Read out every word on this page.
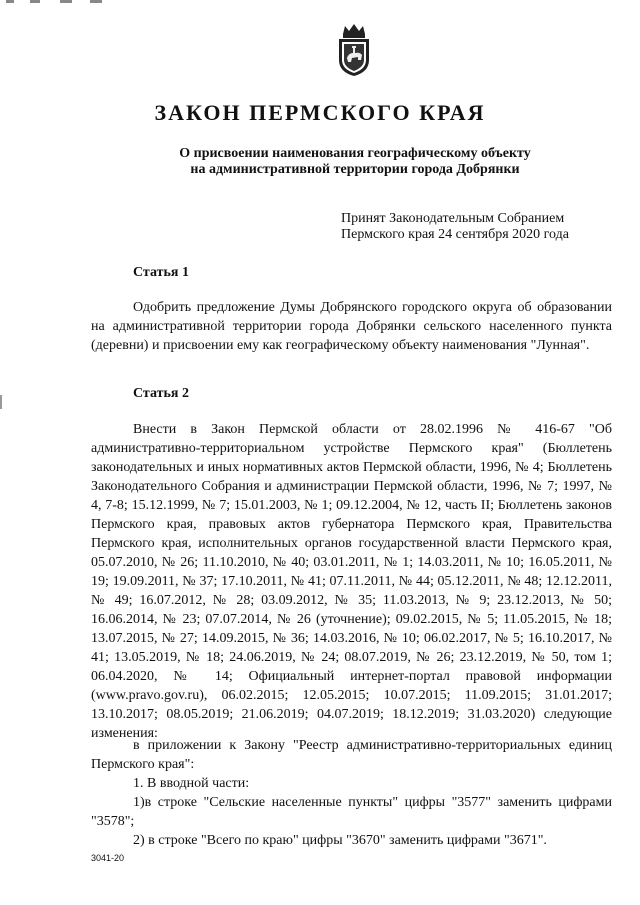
ЗАКОН ПЕРМСКОГО КРАЯ
О присвоении наименования географическому объекту
на административной территории города Добрянки
Принят Законодательным Собранием
Пермского края 24 сентября 2020 года
Статья 1
Одобрить предложение Думы Добрянского городского округа об образовании на административной территории города Добрянки сельского населенного пункта (деревни) и присвоении ему как географическому объекту наименования "Лунная".
Статья 2
Внести в Закон Пермской области от 28.02.1996 № 416-67 "Об административно-территориальном устройстве Пермского края" (Бюллетень законодательных и иных нормативных актов Пермской области, 1996, № 4; Бюллетень Законодательного Собрания и администрации Пермской области, 1996, № 7; 1997, № 4, 7-8; 15.12.1999, № 7; 15.01.2003, № 1; 09.12.2004, № 12, часть II; Бюллетень законов Пермского края, правовых актов губернатора Пермского края, Правительства Пермского края, исполнительных органов государственной власти Пермского края, 05.07.2010, № 26; 11.10.2010, № 40; 03.01.2011, № 1; 14.03.2011, № 10; 16.05.2011, № 19; 19.09.2011, № 37; 17.10.2011, № 41; 07.11.2011, № 44; 05.12.2011, № 48; 12.12.2011, № 49; 16.07.2012, № 28; 03.09.2012, № 35; 11.03.2013, № 9; 23.12.2013, № 50; 16.06.2014, № 23; 07.07.2014, № 26 (уточнение); 09.02.2015, № 5; 11.05.2015, № 18; 13.07.2015, № 27; 14.09.2015, № 36; 14.03.2016, № 10; 06.02.2017, № 5; 16.10.2017, № 41; 13.05.2019, № 18; 24.06.2019, № 24; 08.07.2019, № 26; 23.12.2019, № 50, том 1; 06.04.2020, № 14; Официальный интернет-портал правовой информации (www.pravo.gov.ru), 06.02.2015; 12.05.2015; 10.07.2015; 11.09.2015; 31.01.2017; 13.10.2017; 08.05.2019; 21.06.2019; 04.07.2019; 18.12.2019; 31.03.2020) следующие изменения:
в приложении к Закону "Реестр административно-территориальных единиц Пермского края":
1. В вводной части:
1)в строке "Сельские населенные пункты" цифры "3577" заменить цифрами "3578";
2) в строке "Всего по краю" цифры "3670" заменить цифрами "3671".
3041-20
